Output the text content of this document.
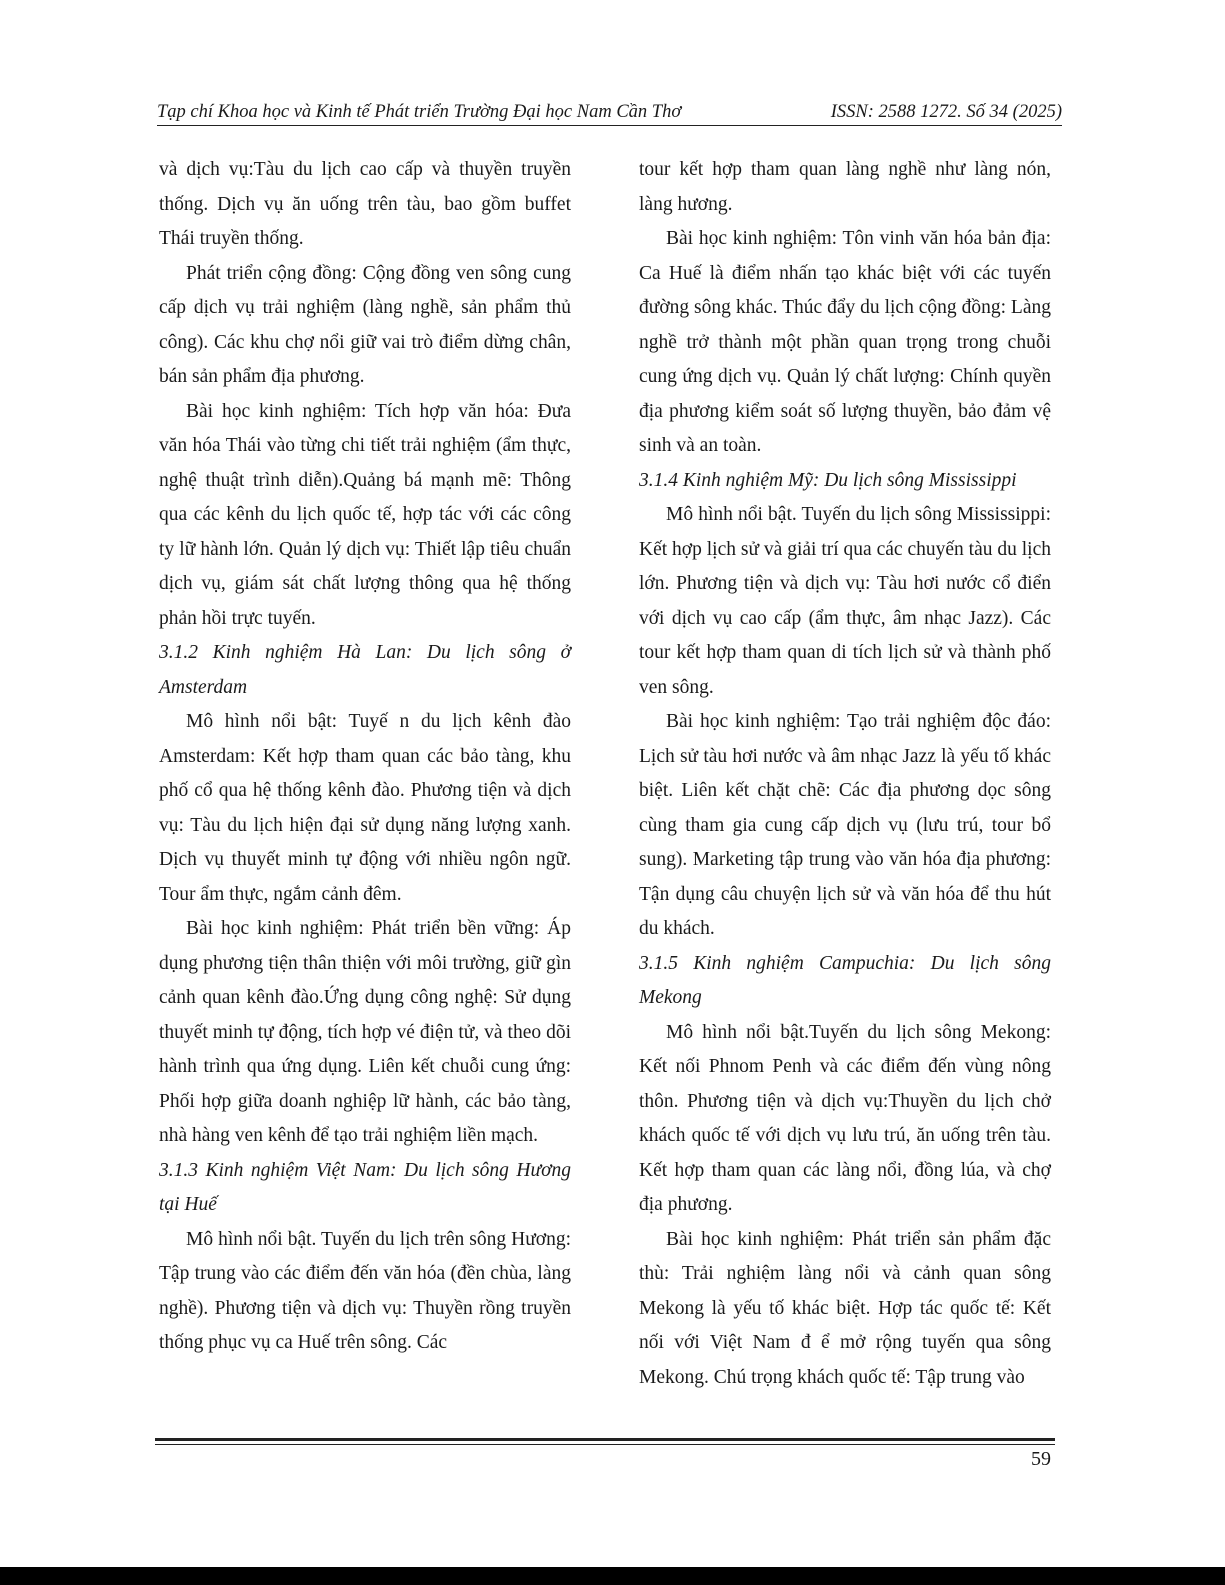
Tạp chí Khoa học và Kinh tế Phát triển Trường Đại học Nam Cần Thơ	ISSN: 2588 1272. Số 34 (2025)

và dịch vụ:Tàu du lịch cao cấp và thuyền truyền thống. Dịch vụ ăn uống trên tàu, bao gồm buffet Thái truyền thống.

Phát triển cộng đồng: Cộng đồng ven sông cung cấp dịch vụ trải nghiệm (làng nghề, sản phẩm thủ công). Các khu chợ nổi giữ vai trò điểm dừng chân, bán sản phẩm địa phương.

Bài học kinh nghiệm: Tích hợp văn hóa: Đưa văn hóa Thái vào từng chi tiết trải nghiệm (ẩm thực, nghệ thuật trình diễn).Quảng bá mạnh mẽ: Thông qua các kênh du lịch quốc tế, hợp tác với các công ty lữ hành lớn. Quản lý dịch vụ: Thiết lập tiêu chuẩn dịch vụ, giám sát chất lượng thông qua hệ thống phản hồi trực tuyến.

3.1.2 Kinh nghiệm Hà Lan: Du lịch sông ở Amsterdam

Mô hình nổi bật: Tuyế n du lịch kênh đào Amsterdam: Kết hợp tham quan các bảo tàng, khu phố cổ qua hệ thống kênh đào. Phương tiện và dịch vụ: Tàu du lịch hiện đại sử dụng năng lượng xanh. Dịch vụ thuyết minh tự động với nhiều ngôn ngữ. Tour ẩm thực, ngắm cảnh đêm.

Bài học kinh nghiệm: Phát triển bền vững: Áp dụng phương tiện thân thiện với môi trường, giữ gìn cảnh quan kênh đào.Ứng dụng công nghệ: Sử dụng thuyết minh tự động, tích hợp vé điện tử, và theo dõi hành trình qua ứng dụng. Liên kết chuỗi cung ứng: Phối hợp giữa doanh nghiệp lữ hành, các bảo tàng, nhà hàng ven kênh để tạo trải nghiệm liền mạch.

3.1.3 Kinh nghiệm Việt Nam: Du lịch sông Hương tại Huế

Mô hình nổi bật. Tuyến du lịch trên sông Hương: Tập trung vào các điểm đến văn hóa (đền chùa, làng nghề). Phương tiện và dịch vụ: Thuyền rồng truyền thống phục vụ ca Huế trên sông. Các

tour kết hợp tham quan làng nghề như làng nón, làng hương.

Bài học kinh nghiệm: Tôn vinh văn hóa bản địa: Ca Huế là điểm nhấn tạo khác biệt với các tuyến đường sông khác. Thúc đẩy du lịch cộng đồng: Làng nghề trở thành một phần quan trọng trong chuỗi cung ứng dịch vụ. Quản lý chất lượng: Chính quyền địa phương kiểm soát số lượng thuyền, bảo đảm vệ sinh và an toàn.

3.1.4 Kinh nghiệm Mỹ: Du lịch sông Mississippi

Mô hình nổi bật. Tuyến du lịch sông Mississippi: Kết hợp lịch sử và giải trí qua các chuyến tàu du lịch lớn. Phương tiện và dịch vụ: Tàu hơi nước cổ điển với dịch vụ cao cấp (ẩm thực, âm nhạc Jazz). Các tour kết hợp tham quan di tích lịch sử và thành phố ven sông.

Bài học kinh nghiệm: Tạo trải nghiệm độc đáo: Lịch sử tàu hơi nước và âm nhạc Jazz là yếu tố khác biệt. Liên kết chặt chẽ: Các địa phương dọc sông cùng tham gia cung cấp dịch vụ (lưu trú, tour bổ sung). Marketing tập trung vào văn hóa địa phương: Tận dụng câu chuyện lịch sử và văn hóa để thu hút du khách.

3.1.5 Kinh nghiệm Campuchia: Du lịch sông Mekong

Mô hình nổi bật.Tuyến du lịch sông Mekong: Kết nối Phnom Penh và các điểm đến vùng nông thôn. Phương tiện và dịch vụ:Thuyền du lịch chở khách quốc tế với dịch vụ lưu trú, ăn uống trên tàu. Kết hợp tham quan các làng nổi, đồng lúa, và chợ địa phương.

Bài học kinh nghiệm: Phát triển sản phẩm đặc thù: Trải nghiệm làng nổi và cảnh quan sông Mekong là yếu tố khác biệt. Hợp tác quốc tế: Kết nối với Việt Nam đ ể mở rộng tuyến qua sông Mekong. Chú trọng khách quốc tế: Tập trung vào

59
